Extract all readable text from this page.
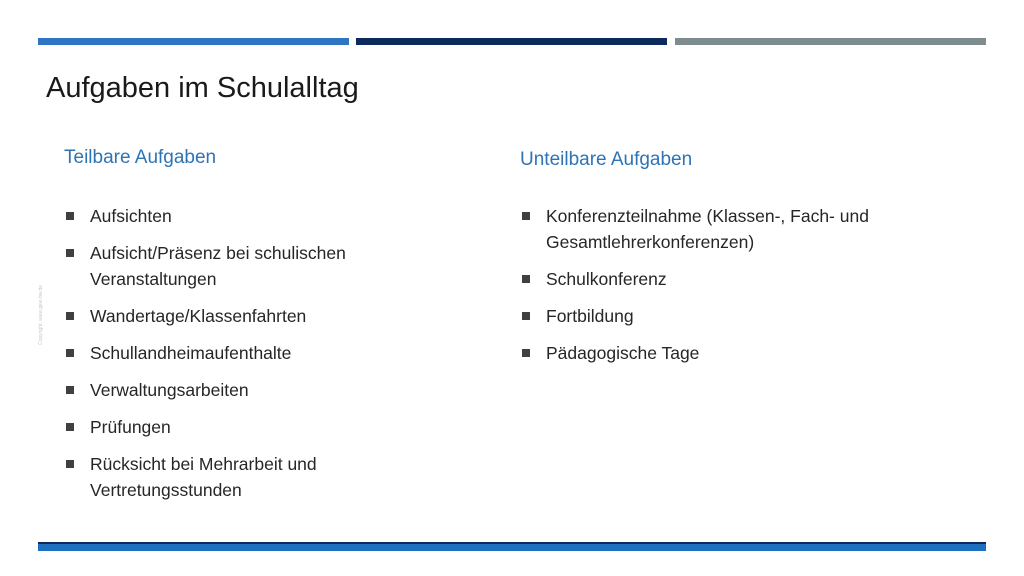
Aufgaben im Schulalltag
Copyright: www.gew-bw.de
Teilbare Aufgaben
Aufsichten
Aufsicht/Präsenz bei schulischen Veranstaltungen
Wandertage/Klassenfahrten
Schullandheimaufenthalte
Verwaltungsarbeiten
Prüfungen
Rücksicht bei Mehrarbeit und Vertretungsstunden
Unteilbare Aufgaben
Konferenzteilnahme (Klassen-, Fach- und Gesamtlehrerkonferenzen)
Schulkonferenz
Fortbildung
Pädagogische Tage
